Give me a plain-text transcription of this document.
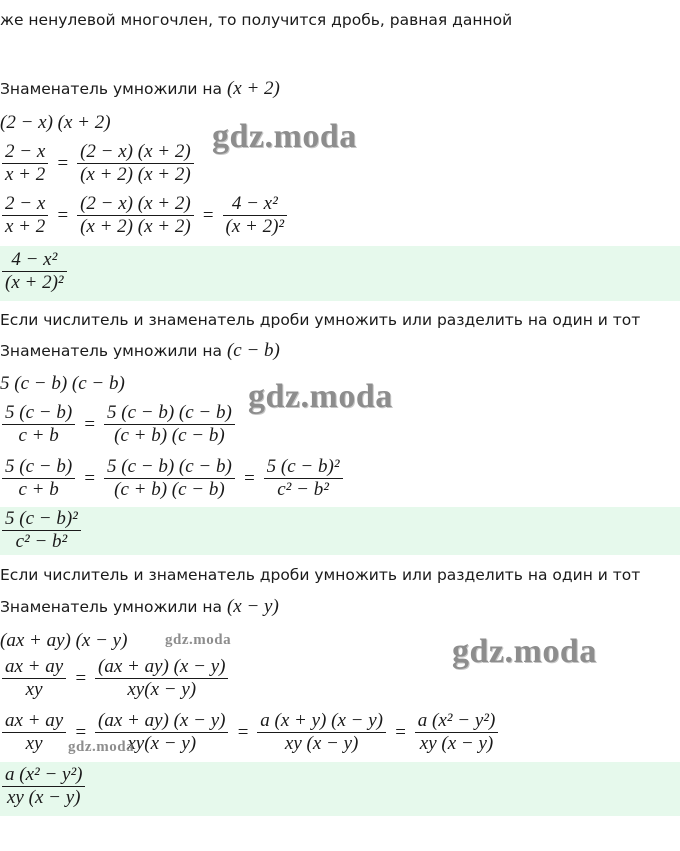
же ненулевой многочлен, то получится дробь, равная данной
Знаменатель умножили на (x + 2)
(2 − x) (x + 2)
$\frac{2 - x}{x + 2} = \frac{(2 - x) (x + 2)}{(x + 2) (x + 2)}$
$\frac{2 - x}{x + 2} = \frac{(2 - x) (x + 2)}{(x + 2) (x + 2)} = \frac{\text{4 − x²}}{\text{(x + 2)²}}$
$\frac{\text{4 − x²}}{\text{(x + 2)²}}$
Если числитель и знаменатель дроби умножить или разделить на один и тот
Знаменатель умножили на (c − b)
5 (c − b) (c − b)
$\frac{5 (c - b)}{c + b} = \frac{5 (c - b) (c - b)}{(c + b) (c - b)}$
$\frac{5 (c - b)}{c + b} = \frac{5 (c - b) (c - b)}{(c + b) (c - b)} = \frac{\text{5 (c − b)²}}{\text{c² − b²}}$
$\frac{\text{5 (c − b)²}}{\text{c² − b²}}$
Если числитель и знаменатель дроби умножить или разделить на один и тот
Знаменатель умножили на (x − y)
(ax + ay) (x − y)
$\frac{ax + ay}{xy} = \frac{(ax + ay) (x - y)}{xy(x - y)}$
$\frac{ax + ay}{xy} = \frac{(ax + ay) (x - y)}{xy(x - y)} = \frac{a (x + y) (x - y)}{xy (x - y)} = \frac{\text{a (x² − y²)}}{xy (x - y)}$
$\frac{\text{a (x² − y²)}}{xy (x - y)}$
gdz.moda
gdz.moda
gdz.moda
gdz.moda
gdz.moda
